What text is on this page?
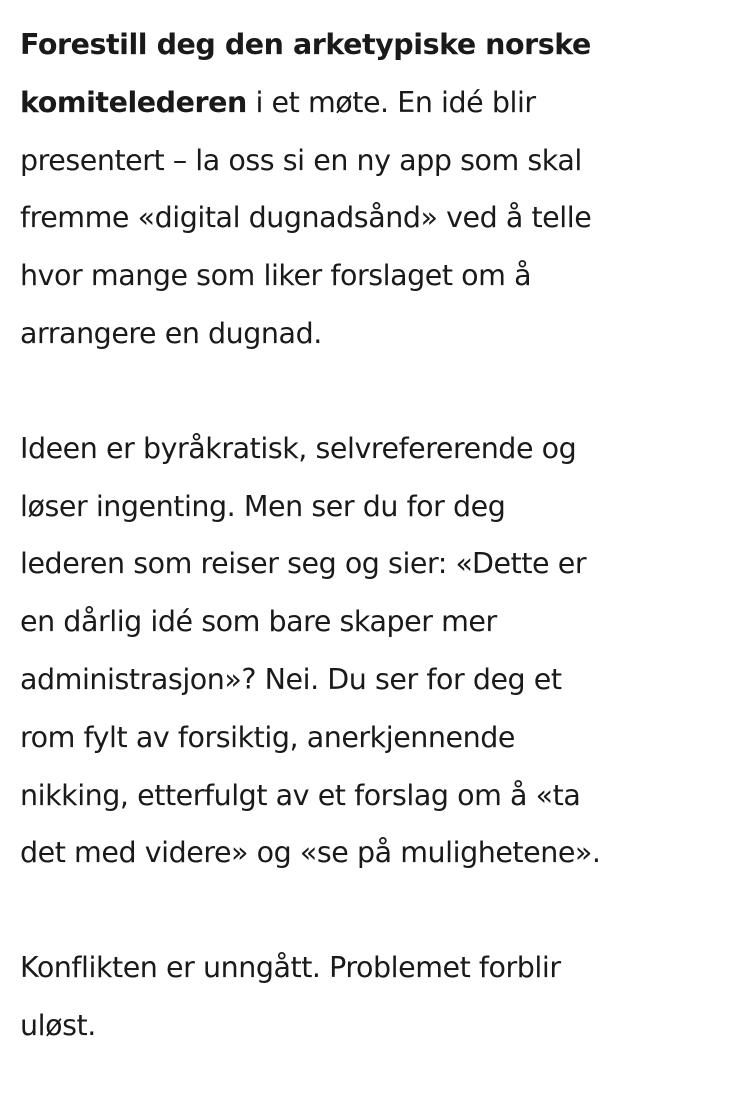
Forestill deg den arketypiske norske
komitelederen i et møte. En idé blir
presentert – la oss si en ny app som skal
fremme «digital dugnadsånd» ved å telle
hvor mange som liker forslaget om å
arrangere en dugnad.

Ideen er byråkratisk, selvrefererende og
løser ingenting. Men ser du for deg
lederen som reiser seg og sier: «Dette er
en dårlig idé som bare skaper mer
administrasjon»? Nei. Du ser for deg et
rom fylt av forsiktig, anerkjennende
nikking, etterfulgt av et forslag om å «ta
det med videre» og «se på mulighetene».

Konflikten er unngått. Problemet forblir
uløst.
